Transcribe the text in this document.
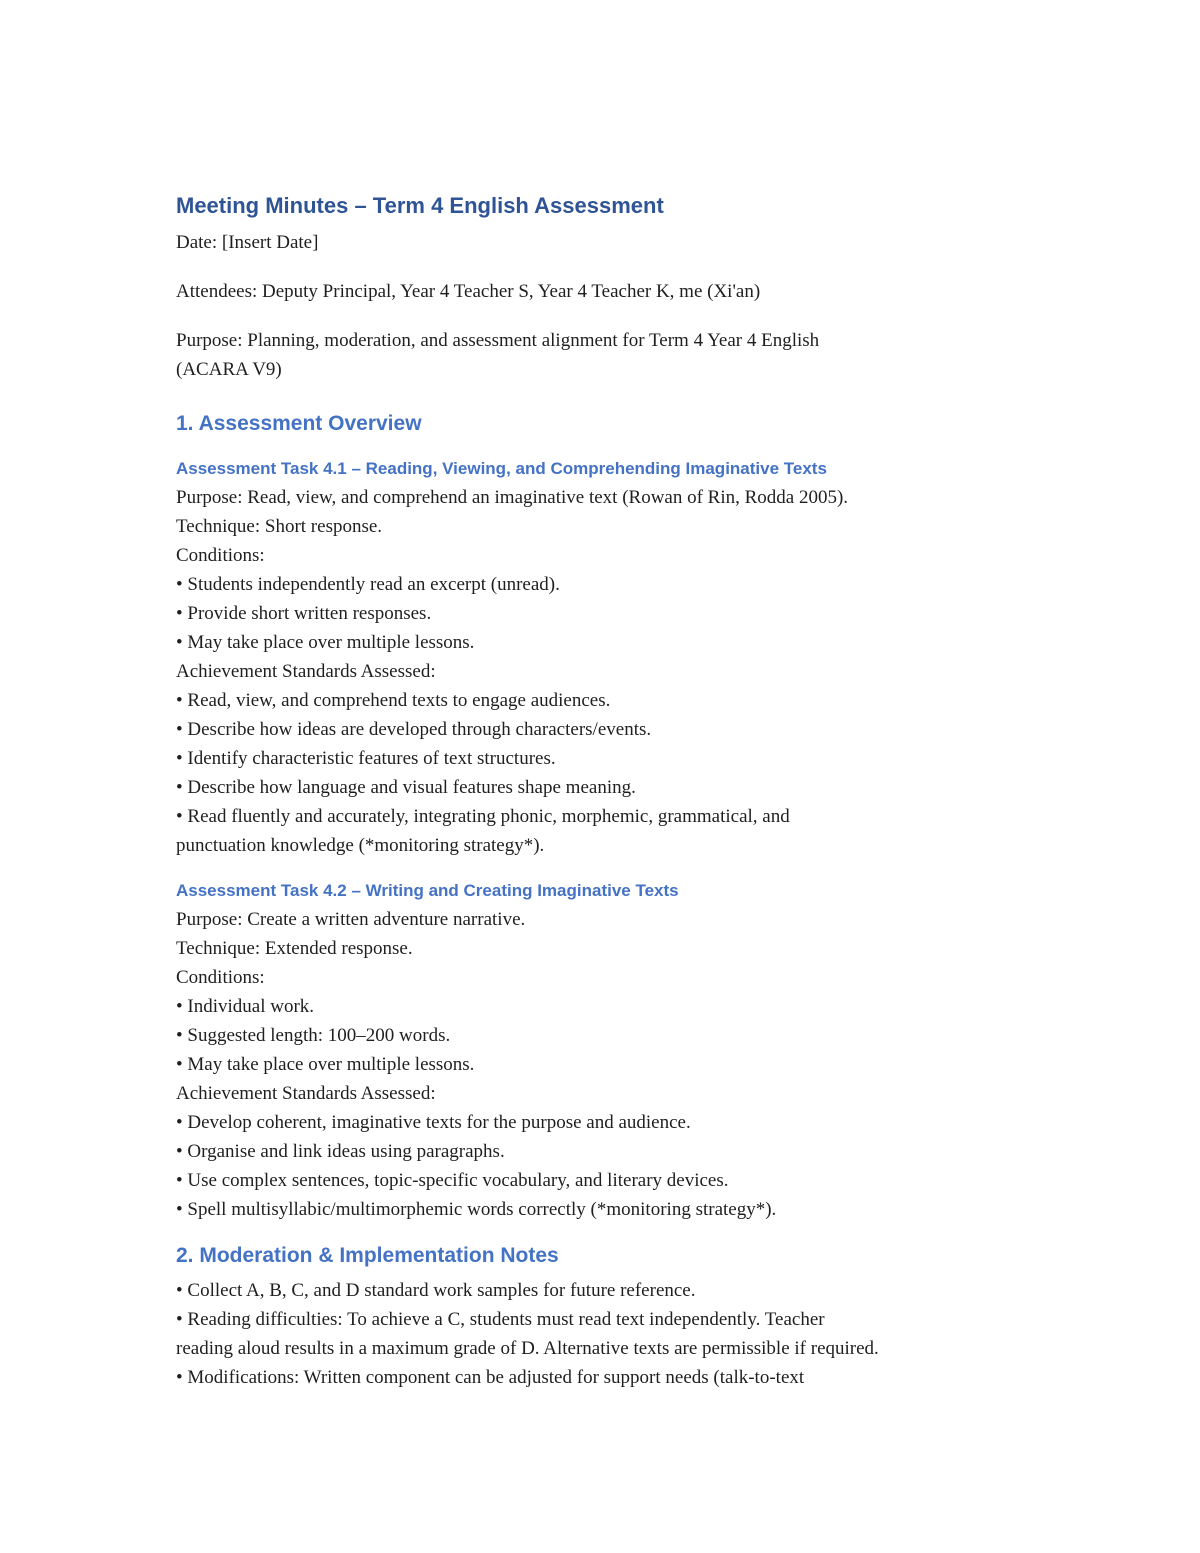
Meeting Minutes – Term 4 English Assessment
Date: [Insert Date]
Attendees: Deputy Principal, Year 4 Teacher S, Year 4 Teacher K, me (Xi'an)
Purpose: Planning, moderation, and assessment alignment for Term 4 Year 4 English
(ACARA V9)
1. Assessment Overview
Assessment Task 4.1 – Reading, Viewing, and Comprehending Imaginative Texts
Purpose: Read, view, and comprehend an imaginative text (Rowan of Rin, Rodda 2005).
Technique: Short response.
Conditions:
• Students independently read an excerpt (unread).
• Provide short written responses.
• May take place over multiple lessons.
Achievement Standards Assessed:
• Read, view, and comprehend texts to engage audiences.
• Describe how ideas are developed through characters/events.
• Identify characteristic features of text structures.
• Describe how language and visual features shape meaning.
• Read fluently and accurately, integrating phonic, morphemic, grammatical, and
punctuation knowledge (*monitoring strategy*).
Assessment Task 4.2 – Writing and Creating Imaginative Texts
Purpose: Create a written adventure narrative.
Technique: Extended response.
Conditions:
• Individual work.
• Suggested length: 100–200 words.
• May take place over multiple lessons.
Achievement Standards Assessed:
• Develop coherent, imaginative texts for the purpose and audience.
• Organise and link ideas using paragraphs.
• Use complex sentences, topic-specific vocabulary, and literary devices.
• Spell multisyllabic/multimorphemic words correctly (*monitoring strategy*).
2. Moderation & Implementation Notes
• Collect A, B, C, and D standard work samples for future reference.
• Reading difficulties: To achieve a C, students must read text independently. Teacher
reading aloud results in a maximum grade of D. Alternative texts are permissible if required.
• Modifications: Written component can be adjusted for support needs (talk-to-text
